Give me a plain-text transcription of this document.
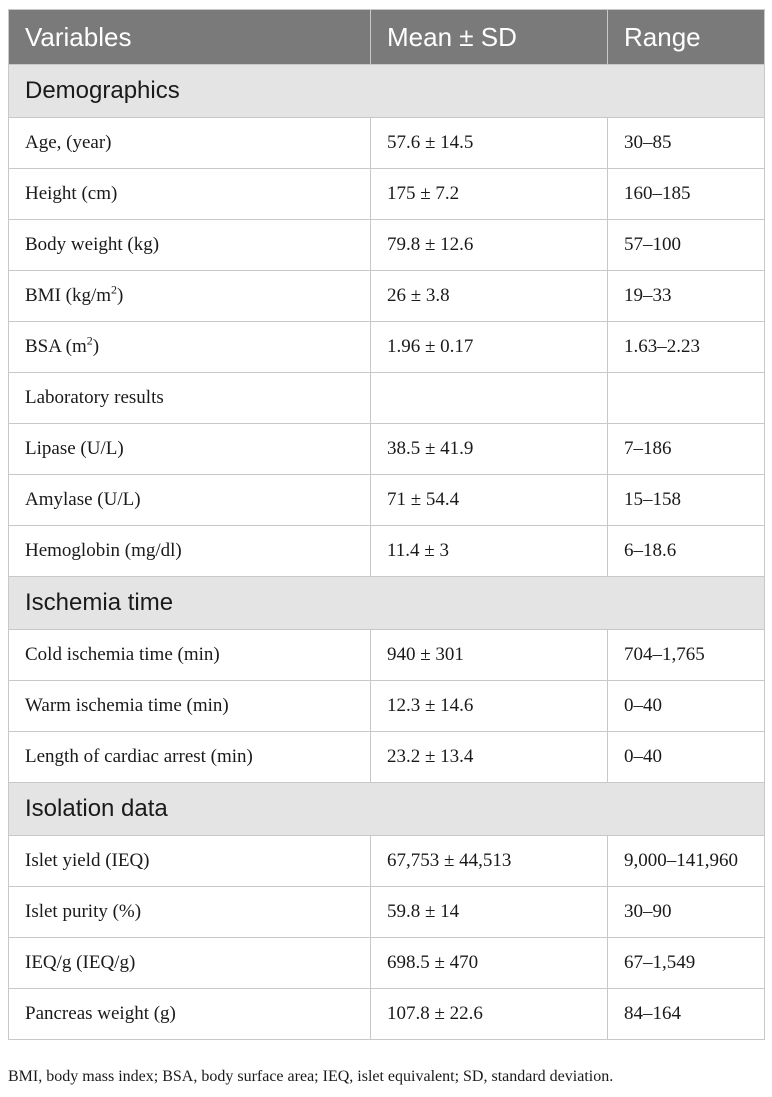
Variables	Mean ± SD	Range
Demographics		
Age, (year)	57.6 ± 14.5	30–85
Height (cm)	175 ± 7.2	160–185
Body weight (kg)	79.8 ± 12.6	57–100
BMI $(kg/m^2)$	26 ± 3.8	19–33
BSA $(m^2)$	1.96 ± 0.17	1.63–2.23
Laboratory results		
Lipase (U/L)	38.5 ± 41.9	7–186
Amylase (U/L)	71 ± 54.4	15–158
Hemoglobin (mg/dl)	11.4 ± 3	6–18.6
Ischemia time		
Cold ischemia time (min)	940 ± 301	704–1,765
Warm ischemia time (min)	12.3 ± 14.6	0–40
Length of cardiac arrest (min)	23.2 ± 13.4	0–40
Isolation data		
Islet yield (IEQ)	67,753 ± 44,513	9,000–141,960
Islet purity (%)	59.8 ± 14	30–90
IEQ/g (IEQ/g)	698.5 ± 470	67–1,549
Pancreas weight (g)	107.8 ± 22.6	84–164
BMI, body mass index; BSA, body surface area; IEQ, islet equivalent; SD, standard deviation.
